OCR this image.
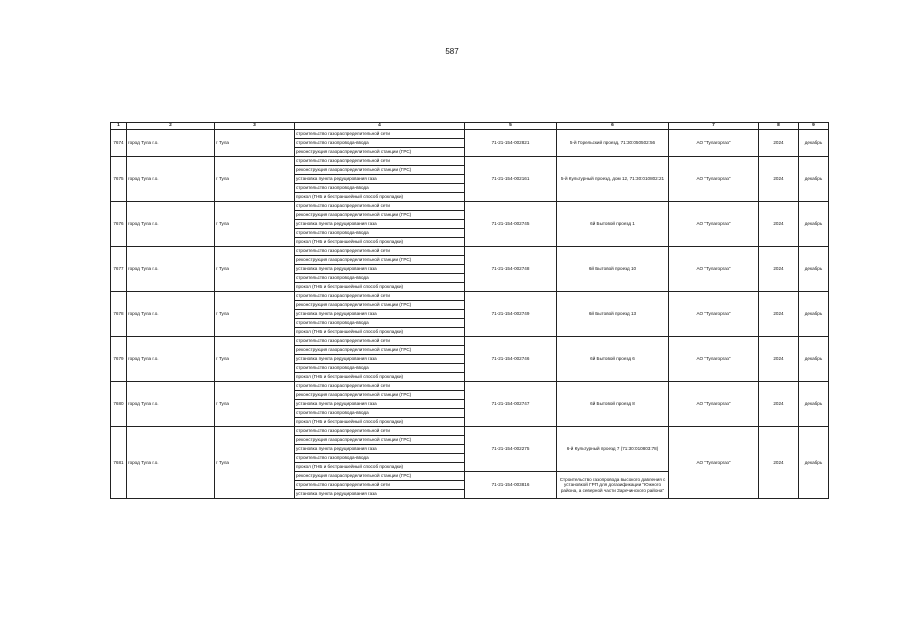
587
1	2	3	4	5	6	7	8	9
7674	город Тула г.о.	г Тула	строительство газораспределительной сети	71-21-154-002821	5-й Горельский проезд, 71:30:050502:56	АО "Тулагоргаз"	2024	декабрь
			строительство газопровода-ввода					
			реконструкция газораспределительной станции (ГРС)					
7675	город Тула г.о.	г Тула	строительство газораспределительной сети	71-21-154-002161	5-й Культурный проезд, дом 12, 71:30:010802:21	АО "Тулагоргаз"	2024	декабрь
			реконструкция газораспределительной станции (ГРС)					
			установка пункта редуцирования газа					
			строительство газопровода-ввода					
			прокол (ГНБ и бестраншейный способ прокладки)					
7676	город Тула г.о.	г Тула	строительство газораспределительной сети	71-21-154-002745	6й Бытовой проезд 1	АО "Тулагоргаз"	2024	декабрь
			реконструкция газораспределительной станции (ГРС)					
			установка пункта редуцирования газа					
			строительство газопровода-ввода					
			прокол (ГНБ и бестраншейный способ прокладки)					
7677	город Тула г.о.	г Тула	строительство газораспределительной сети	71-21-154-002748	6й Бытовой проезд 10	АО "Тулагоргаз"	2024	декабрь
			реконструкция газораспределительной станции (ГРС)					
			установка пункта редуцирования газа					
			строительство газопровода-ввода					
			прокол (ГНБ и бестраншейный способ прокладки)					
7678	город Тула г.о.	г Тула	строительство газораспределительной сети	71-21-154-002749	6й Бытовой проезд 13	АО "Тулагоргаз"	2024	декабрь
			реконструкция газораспределительной станции (ГРС)					
			установка пункта редуцирования газа					
			строительство газопровода-ввода					
			прокол (ГНБ и бестраншейный способ прокладки)					
7679	город Тула г.о.	г Тула	строительство газораспределительной сети	71-21-154-002746	6й Бытовой проезд 6	АО "Тулагоргаз"	2024	декабрь
			реконструкция газораспределительной станции (ГРС)					
			установка пункта редуцирования газа					
			строительство газопровода-ввода					
			прокол (ГНБ и бестраншейный способ прокладки)					
7680	город Тула г.о.	г Тула	строительство газораспределительной сети	71-21-154-002747	6й Бытовой проезд 8	АО "Тулагоргаз"	2024	декабрь
			реконструкция газораспределительной станции (ГРС)					
			установка пункта редуцирования газа					
			строительство газопровода-ввода					
			прокол (ГНБ и бестраншейный способ прокладки)					
7681	город Тула г.о.	г Тула	строительство газораспределительной сети	71-21-154-002275	6-й Культурный проезд 7 (71:30:010803:78)	АО "Тулагоргаз"	2024	декабрь
			реконструкция газораспределительной станции (ГРС)					
			установка пункта редуцирования газа					
			строительство газопровода-ввода					
			прокол (ГНБ и бестраншейный способ прокладки)					
			реконструкция газораспределительной станции (ГРС)	71-21-154-003816	Строительство газопровода высокого давления с установкой ГРП для догазификации "Южного района, а северной части Заречинского района"			
			строительство газораспределительной сети					
			установка пункта редуцирования газа					
